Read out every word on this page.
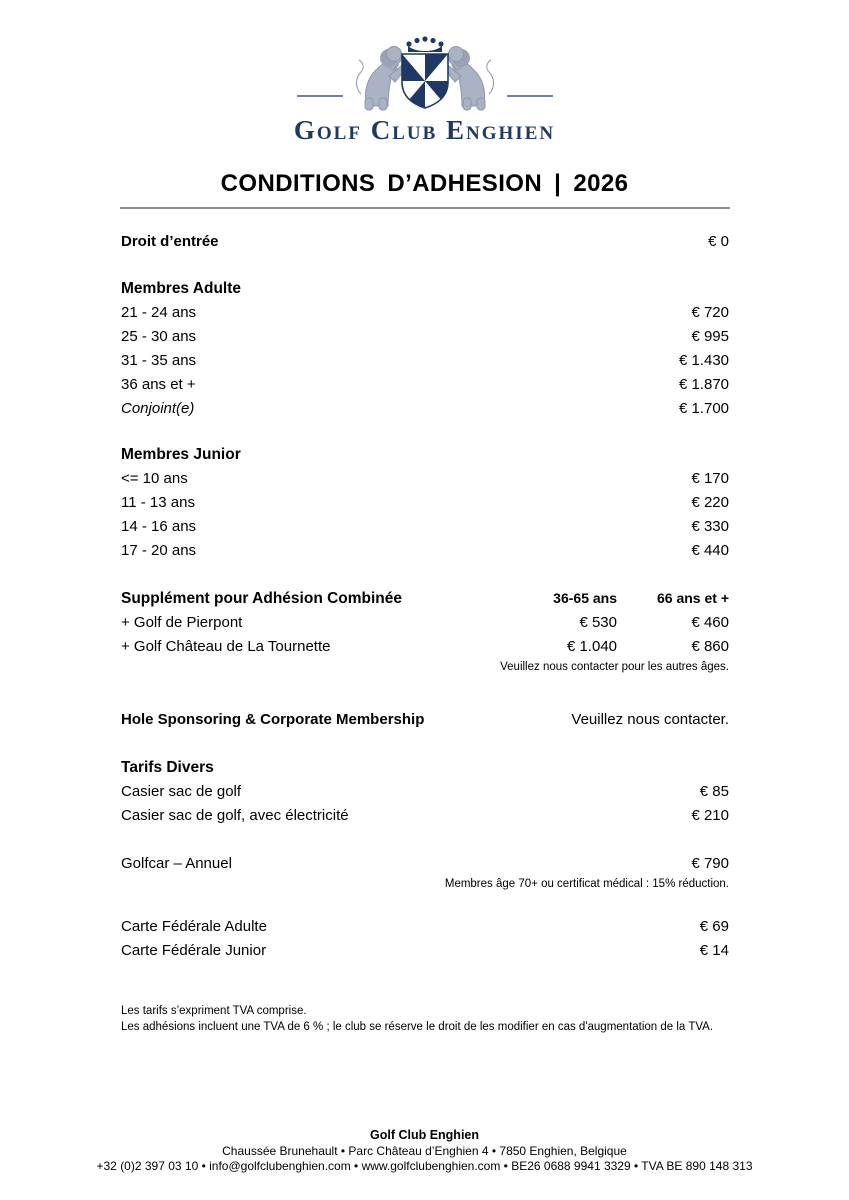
Golf Club Enghien
CONDITIONS D’ADHESION | 2026
Droit d’entrée	€ 0
Membres Adulte
21 - 24 ans	€ 720
25 - 30 ans	€ 995
31 - 35 ans	€ 1.430
36 ans et +	€ 1.870
Conjoint(e)	€ 1.700
Membres Junior
<= 10 ans	€ 170
11 - 13 ans	€ 220
14 - 16 ans	€ 330
17 - 20 ans	€ 440
Supplément pour Adhésion Combinée	36-65 ans	66 ans et +
+ Golf de Pierpont	€ 530	€ 460
+ Golf Château de La Tournette	€ 1.040	€ 860
Veuillez nous contacter pour les autres âges.
Hole Sponsoring & Corporate Membership	Veuillez nous contacter.
Tarifs Divers
Casier sac de golf	€ 85
Casier sac de golf, avec électricité	€ 210
Golfcar – Annuel	€ 790
Membres âge 70+ ou certificat médical : 15% réduction.
Carte Fédérale Adulte	€ 69
Carte Fédérale Junior	€ 14
Les tarifs s’expriment TVA comprise.
Les adhésions incluent une TVA de 6 % ; le club se réserve le droit de les modifier en cas d'augmentation de la TVA.
Golf Club Enghien
Chaussée Brunehault • Parc Château d’Enghien 4 • 7850 Enghien, Belgique
+32 (0)2 397 03 10 • info@golfclubenghien.com • www.golfclubenghien.com • BE26 0688 9941 3329 • TVA BE 890 148 313
